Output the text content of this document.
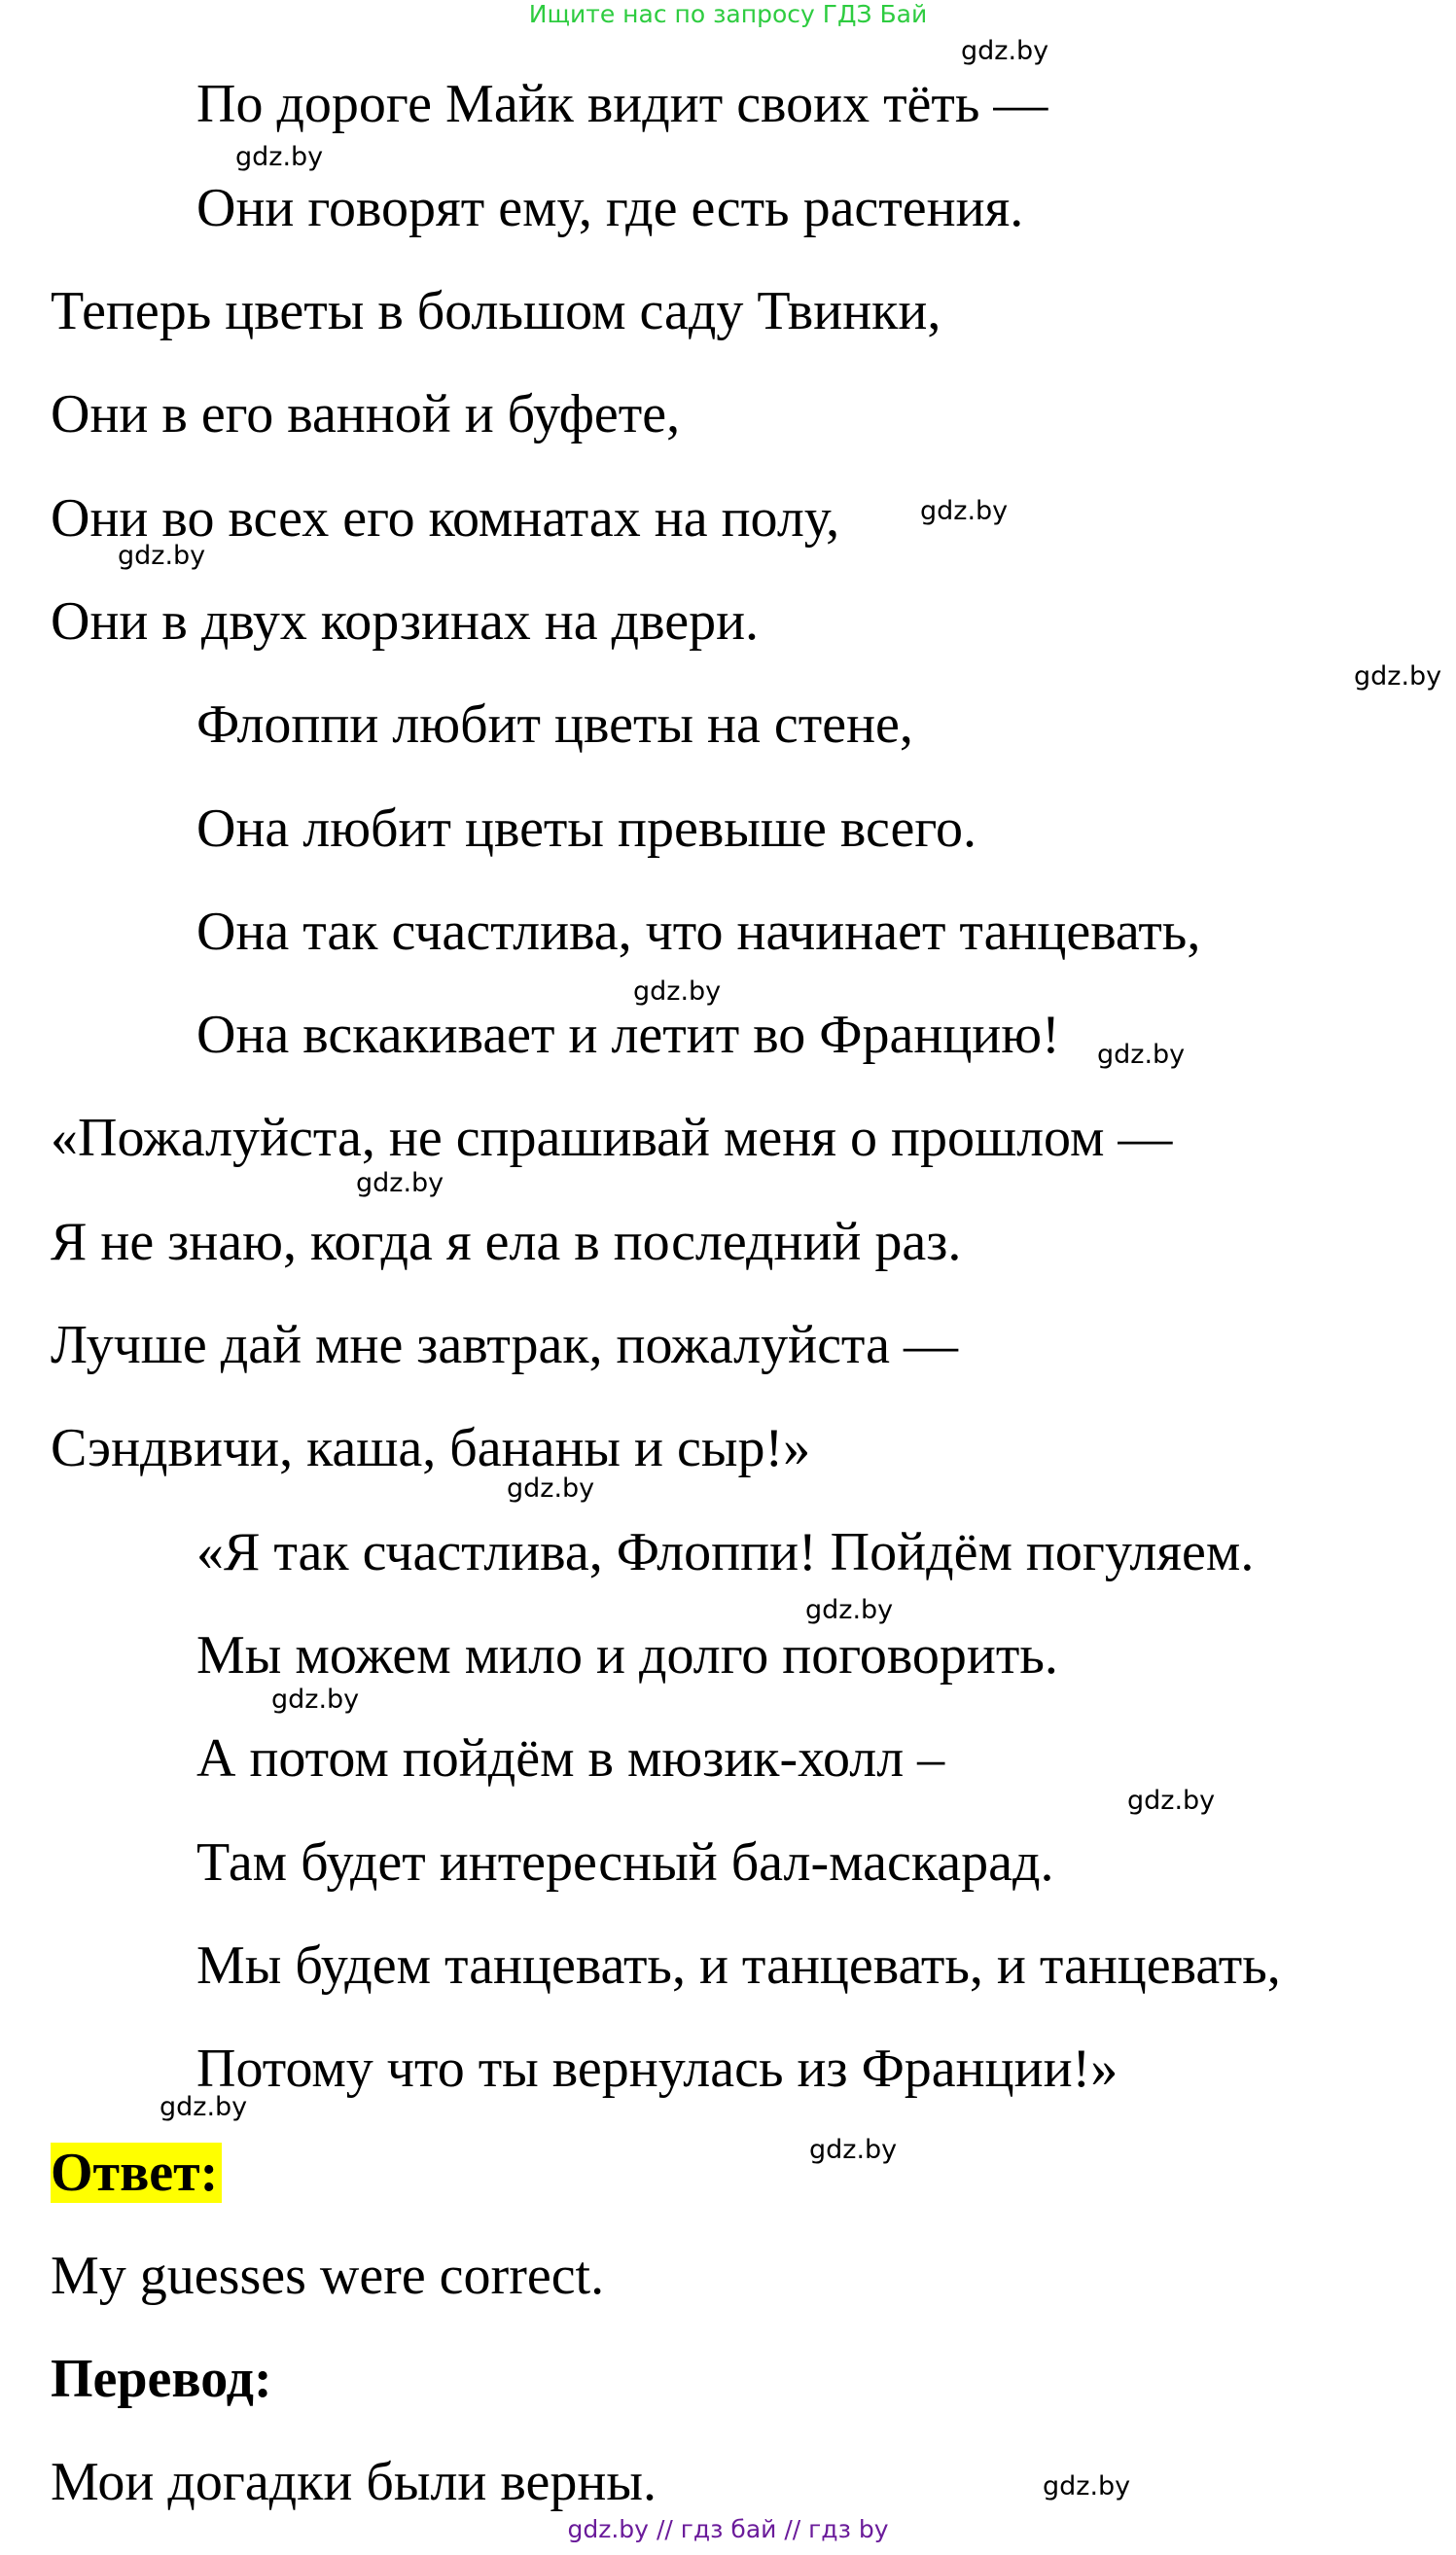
Ищите нас по запросу ГДЗ Бай
По дороге Майк видит своих тёть —
Они говорят ему, где есть растения.
Теперь цветы в большом саду Твинки,
Они в его ванной и буфете,
Они во всех его комнатах на полу,
Они в двух корзинах на двери.
Флоппи любит цветы на стене,
Она любит цветы превыше всего.
Она так счастлива, что начинает танцевать,
Она вскакивает и летит во Францию!
«Пожалуйста, не спрашивай меня о прошлом —
Я не знаю, когда я ела в последний раз.
Лучше дай мне завтрак, пожалуйста —
Сэндвичи, каша, бананы и сыр!»
«Я так счастлива, Флоппи! Пойдём погуляем.
Мы можем мило и долго поговорить.
А потом пойдём в мюзик-холл –
Там будет интересный бал-маскарад.
Мы будем танцевать, и танцевать, и танцевать,
Потому что ты вернулась из Франции!»
Ответ:
My guesses were correct.
Перевод:
Мои догадки были верны.
gdz.by
gdz.by
gdz.by
gdz.by
gdz.by
gdz.by
gdz.by
gdz.by
gdz.by
gdz.by
gdz.by
gdz.by
gdz.by
gdz.by
gdz.by
gdz.by // гдз бай // гдз by
